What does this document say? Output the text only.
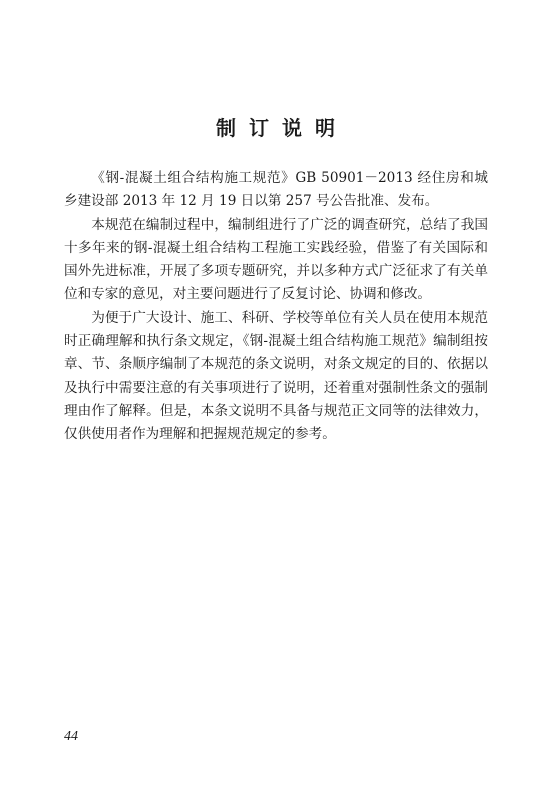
制订说明

《钢-混凝土组合结构施工规范》GB 50901－2013 经住房和城乡建设部 2013 年 12 月 19 日以第 257 号公告批准、发布。

本规范在编制过程中，编制组进行了广泛的调查研究，总结了我国十多年来的钢-混凝土组合结构工程施工实践经验，借鉴了有关国际和国外先进标准，开展了多项专题研究，并以多种方式广泛征求了有关单位和专家的意见，对主要问题进行了反复讨论、协调和修改。

为便于广大设计、施工、科研、学校等单位有关人员在使用本规范时正确理解和执行条文规定，《钢-混凝土组合结构施工规范》编制组按章、节、条顺序编制了本规范的条文说明，对条文规定的目的、依据以及执行中需要注意的有关事项进行了说明，还着重对强制性条文的强制理由作了解释。但是，本条文说明不具备与规范正文同等的法律效力，仅供使用者作为理解和把握规范规定的参考。

44
